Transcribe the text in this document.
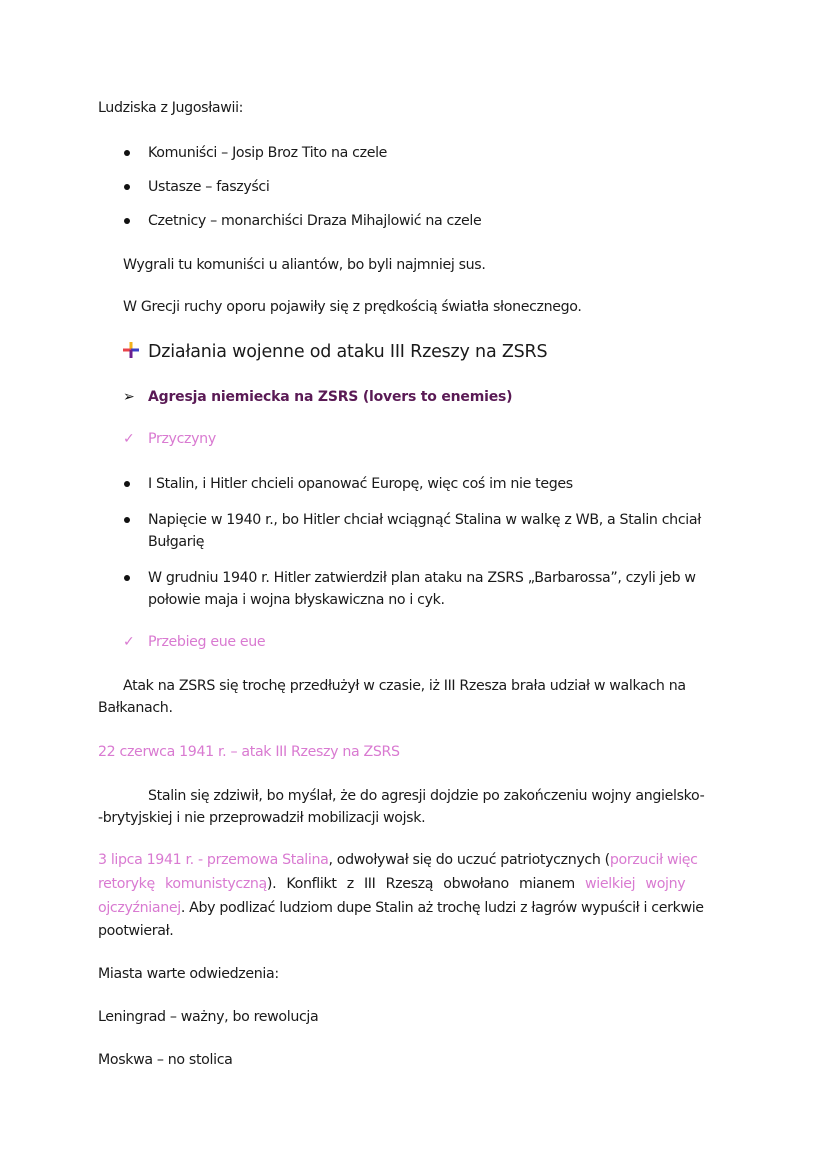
Ludziska z Jugosławii:
Komuniści – Josip Broz Tito na czele
Ustasze – faszyści
Czetnicy – monarchiści Draza Mihajlowić na czele
Wygrali tu komuniści u aliantów, bo byli najmniej sus.
W Grecji ruchy oporu pojawiły się z prędkością światła słonecznego.
Działania wojenne od ataku III Rzeszy na ZSRS
➢ Agresja niemiecka na ZSRS (lovers to enemies)
✓ Przyczyny
I Stalin, i Hitler chcieli opanować Europę, więc coś im nie teges
Napięcie w 1940 r., bo Hitler chciał wciągnąć Stalina w walkę z WB, a Stalin chciał
Bułgarię
W grudniu 1940 r. Hitler zatwierdził plan ataku na ZSRS „Barbarossa”, czyli jeb w
połowie maja i wojna błyskawiczna no i cyk.
✓ Przebieg eue eue
Atak na ZSRS się trochę przedłużył w czasie, iż III Rzesza brała udział w walkach na
Bałkanach.
22 czerwca 1941 r. – atak III Rzeszy na ZSRS
Stalin się zdziwił, bo myślał, że do agresji dojdzie po zakończeniu wojny angielsko-
-brytyjskiej i nie przeprowadził mobilizacji wojsk.
3 lipca 1941 r. - przemowa Stalina, odwoływał się do uczuć patriotycznych (porzucił więc
retorykę komunistyczną). Konflikt z III Rzeszą obwołano mianem wielkiej wojny
ojczyźnianej. Aby podlizać ludziom dupe Stalin aż trochę ludzi z łagrów wypuścił i cerkwie
pootwierał.
Miasta warte odwiedzenia:
Leningrad – ważny, bo rewolucja
Moskwa – no stolica
